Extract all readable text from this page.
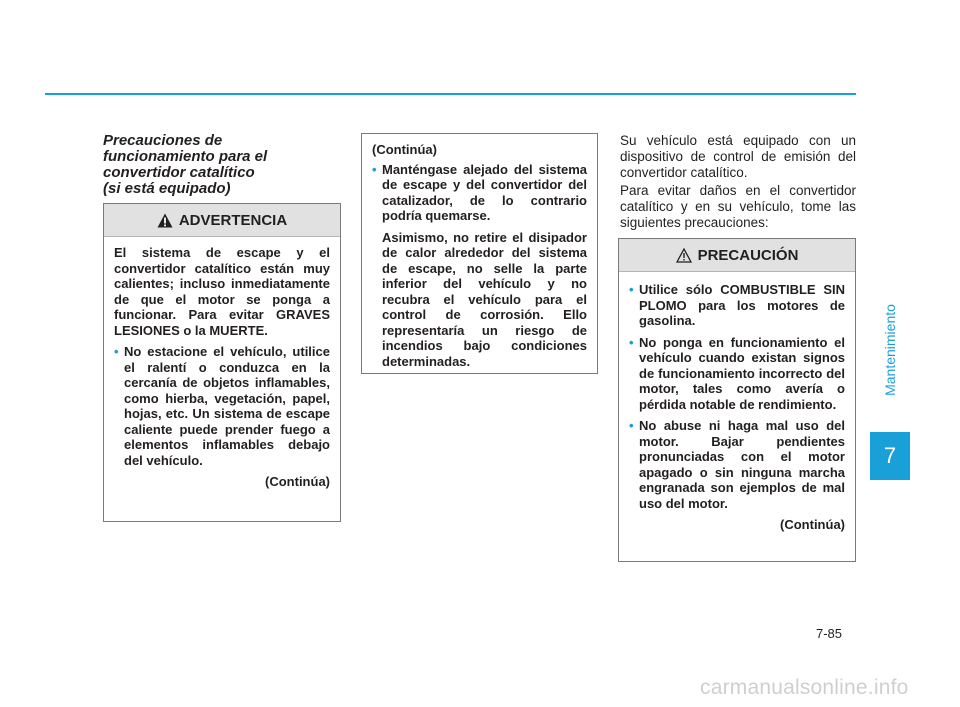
Precauciones de
funcionamiento para el
convertidor catalítico
(si está equipado)
ADVERTENCIA

El sistema de escape y el convertidor catalítico están muy calientes; incluso inmediatamente de que el motor se ponga a funcionar. Para evitar GRAVES LESIONES o la MUERTE.

• No estacione el vehículo, utilice el ralentí o conduzca en la cercanía de objetos inflamables, como hierba, vegetación, papel, hojas, etc. Un sistema de escape caliente puede prender fuego a elementos inflamables debajo del vehículo.

(Continúa)

(Continúa)

• Manténgase alejado del sistema de escape y del convertidor del catalizador, de lo contrario podría quemarse.

Asimismo, no retire el disipador de calor alrededor del sistema de escape, no selle la parte inferior del vehículo y no recubra el vehículo para el control de corrosión. Ello representaría un riesgo de incendios bajo condiciones determinadas.

Su vehículo está equipado con un dispositivo de control de emisión del convertidor catalítico.

Para evitar daños en el convertidor catalítico y en su vehículo, tome las siguientes precauciones:

PRECAUCIÓN
• Utilice sólo COMBUSTIBLE SIN PLOMO para los motores de gasolina.
• No ponga en funcionamiento el vehículo cuando existan signos de funcionamiento incorrecto del motor, tales como avería o pérdida notable de rendimiento.
• No abuse ni haga mal uso del motor. Bajar pendientes pronunciadas con el motor apagado o sin ninguna marcha engranada son ejemplos de mal uso del motor.

(Continúa)

Mantenimiento
7
7-85
carmanualsonline.info
